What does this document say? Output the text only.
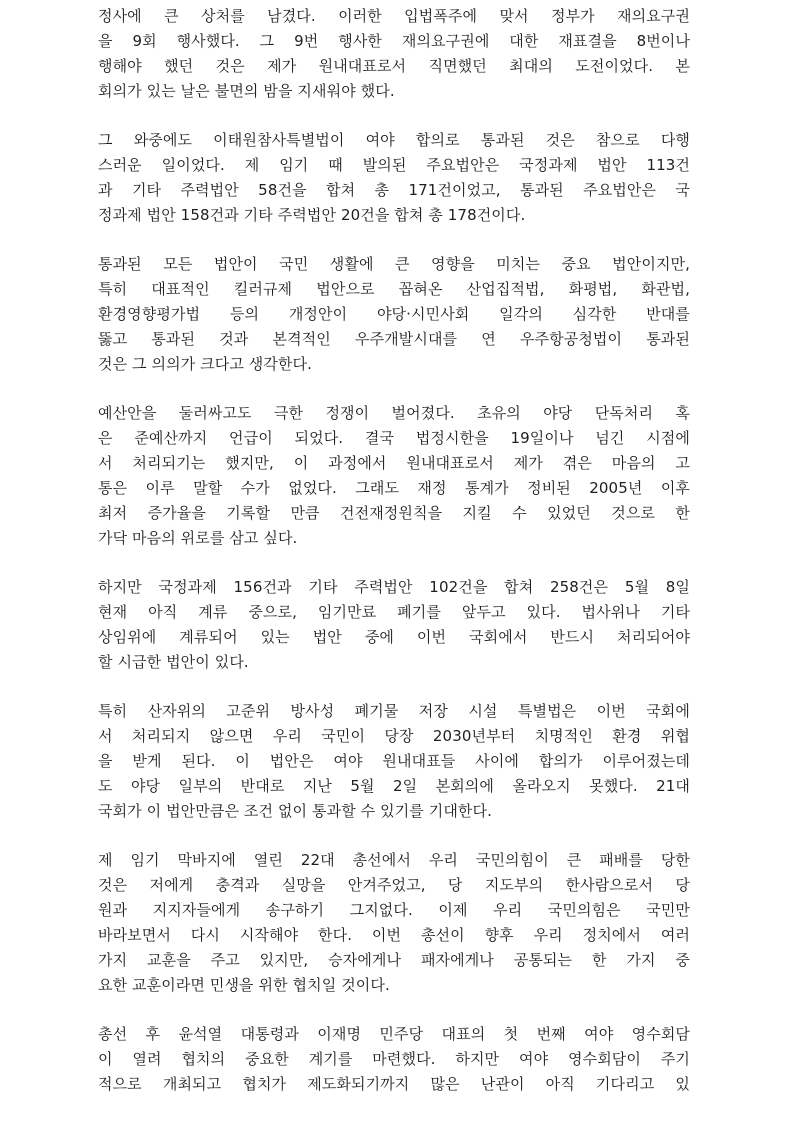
정사에 큰 상처를 남겼다. 이러한 입법폭주에 맞서 정부가 재의요구권
을 9회 행사했다. 그 9번 행사한 재의요구권에 대한 재표결을 8번이나
행해야 했던 것은 제가 원내대표로서 직면했던 최대의 도전이었다. 본
회의가 있는 날은 불면의 밤을 지새워야 했다.
그 와중에도 이태원참사특별법이 여야 합의로 통과된 것은 참으로 다행
스러운 일이었다. 제 임기 때 발의된 주요법안은 국정과제 법안 113건
과 기타 주력법안 58건을 합쳐 총 171건이었고, 통과된 주요법안은 국
정과제 법안 158건과 기타 주력법안 20건을 합쳐 총 178건이다.
통과된 모든 법안이 국민 생활에 큰 영향을 미치는 중요 법안이지만,
특히 대표적인 킬러규제 법안으로 꼽혀온 산업집적법, 화평법, 화관법,
환경영향평가법 등의 개정안이 야당·시민사회 일각의 심각한 반대를
뚫고 통과된 것과 본격적인 우주개발시대를 연 우주항공청법이 통과된
것은 그 의의가 크다고 생각한다.
예산안을 둘러싸고도 극한 정쟁이 벌어졌다. 초유의 야당 단독처리 혹
은 준예산까지 언급이 되었다. 결국 법정시한을 19일이나 넘긴 시점에
서 처리되기는 했지만, 이 과정에서 원내대표로서 제가 겪은 마음의 고
통은 이루 말할 수가 없었다. 그래도 재정 통계가 정비된 2005년 이후
최저 증가율을 기록할 만큼 건전재정원칙을 지킬 수 있었던 것으로 한
가닥 마음의 위로를 삼고 싶다.
하지만 국정과제 156건과 기타 주력법안 102건을 합쳐 258건은 5월 8일
현재 아직 계류 중으로, 임기만료 폐기를 앞두고 있다. 법사위나 기타
상임위에 계류되어 있는 법안 중에 이번 국회에서 반드시 처리되어야
할 시급한 법안이 있다.
특히 산자위의 고준위 방사성 폐기물 저장 시설 특별법은 이번 국회에
서 처리되지 않으면 우리 국민이 당장 2030년부터 치명적인 환경 위협
을 받게 된다. 이 법안은 여야 원내대표들 사이에 합의가 이루어졌는데
도 야당 일부의 반대로 지난 5월 2일 본회의에 올라오지 못했다. 21대
국회가 이 법안만큼은 조건 없이 통과할 수 있기를 기대한다.
제 임기 막바지에 열린 22대 총선에서 우리 국민의힘이 큰 패배를 당한
것은 저에게 충격과 실망을 안겨주었고, 당 지도부의 한사람으로서 당
원과 지지자들에게 송구하기 그지없다. 이제 우리 국민의힘은 국민만
바라보면서 다시 시작해야 한다. 이번 총선이 향후 우리 정치에서 여러
가지 교훈을 주고 있지만, 승자에게나 패자에게나 공통되는 한 가지 중
요한 교훈이라면 민생을 위한 협치일 것이다.
총선 후 윤석열 대통령과 이재명 민주당 대표의 첫 번째 여야 영수회담
이 열려 협치의 중요한 계기를 마련했다. 하지만 여야 영수회담이 주기
적으로 개최되고 협치가 제도화되기까지 많은 난관이 아직 기다리고 있
